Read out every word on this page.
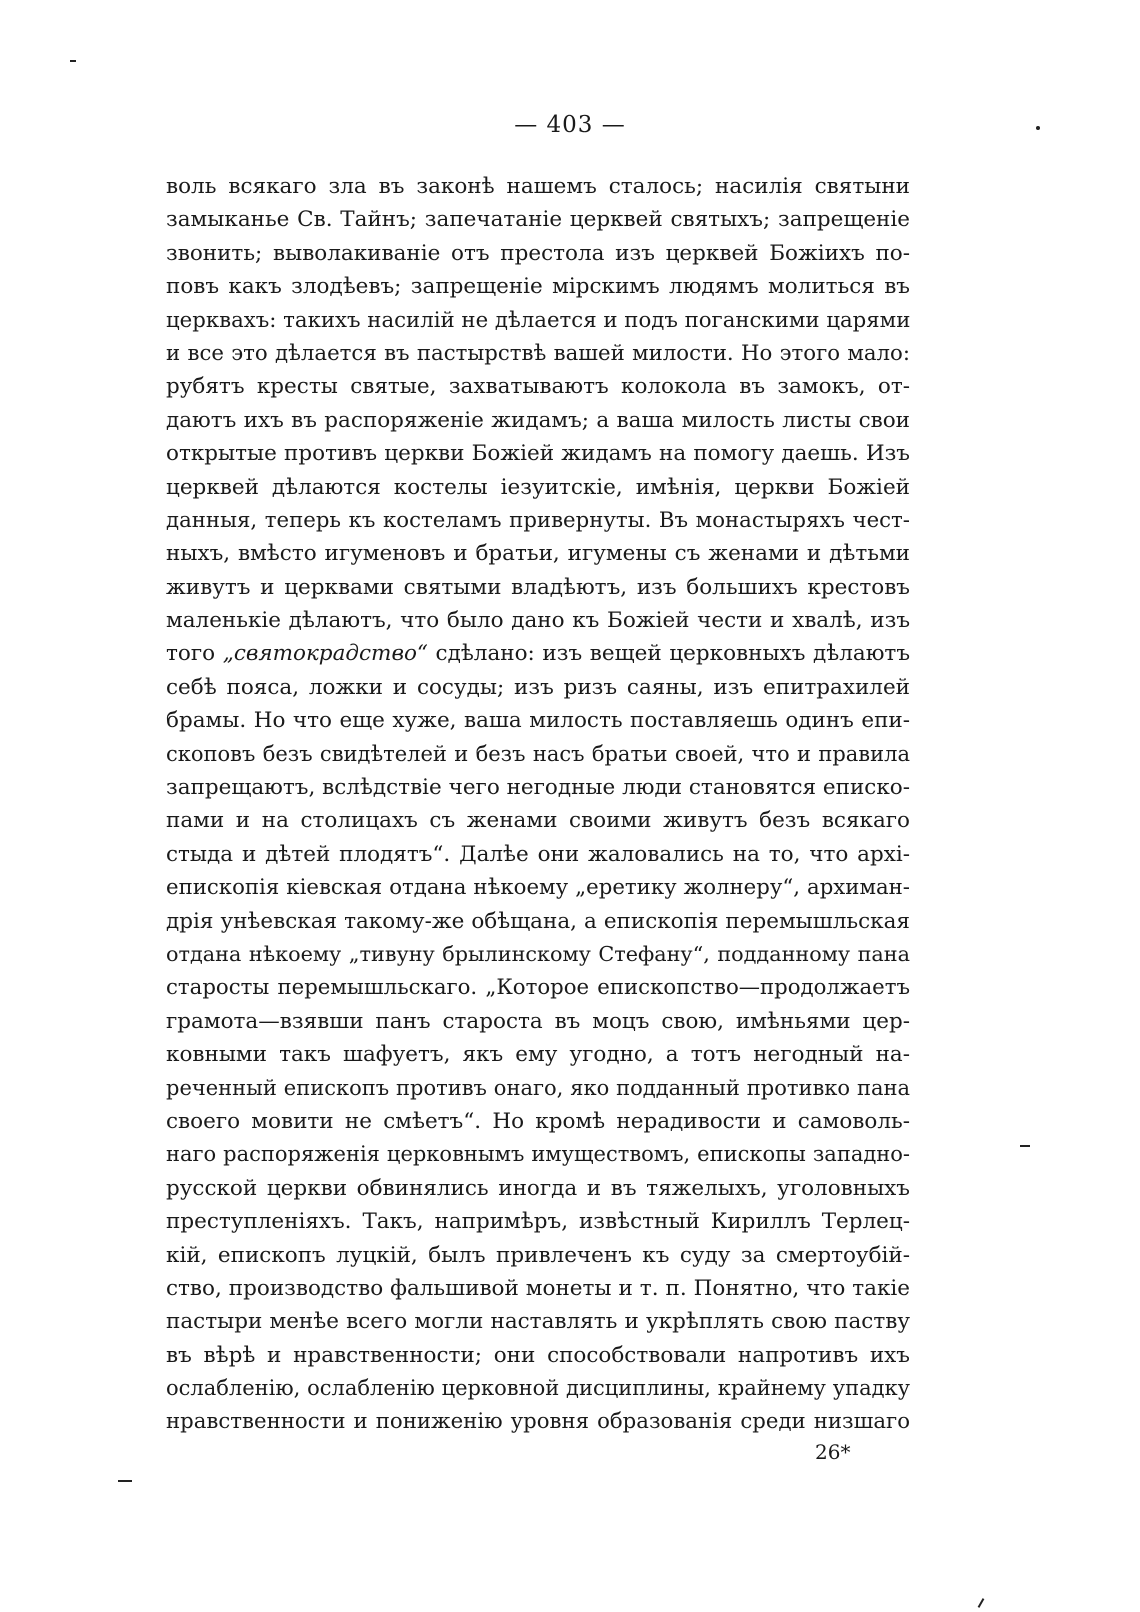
— 403 —
воль всякаго зла въ законѣ нашемъ сталось; насилія святыни
замыканье Св. Тайнъ; запечатаніе церквей святыхъ; запрещеніе
звонить; выволакиваніе отъ престола изъ церквей Божіихъ по-
повъ какъ злодѣевъ; запрещеніе мірскимъ людямъ молиться въ
церквахъ: такихъ насилій не дѣлается и подъ поганскими царями
и все это дѣлается въ пастырствѣ вашей милости. Но этого мало:
рубятъ кресты святые, захватываютъ колокола въ замокъ, от-
даютъ ихъ въ распоряженіе жидамъ; а ваша милость листы свои
открытые противъ церкви Божіей жидамъ на помогу даешь. Изъ
церквей дѣлаются костелы іезуитскіе, имѣнія, церкви Божіей
данныя, теперь къ костеламъ привернуты. Въ монастыряхъ чест-
ныхъ, вмѣсто игуменовъ и братьи, игумены съ женами и дѣтьми
живутъ и церквами святыми владѣютъ, изъ большихъ крестовъ
маленькіе дѣлаютъ, что было дано къ Божіей чести и хвалѣ, изъ
того „святокрадство“ сдѣлано: изъ вещей церковныхъ дѣлаютъ
себѣ пояса, ложки и сосуды; изъ ризъ саяны, изъ епитрахилей
брамы. Но что еще хуже, ваша милость поставляешь одинъ епи-
скоповъ безъ свидѣтелей и безъ насъ братьи своей, что и правила
запрещаютъ, вслѣдствіе чего негодные люди становятся еписко-
пами и на столицахъ съ женами своими живутъ безъ всякаго
стыда и дѣтей плодятъ“. Далѣе они жаловались на то, что архі-
епископія кіевская отдана нѣкоему „еретику жолнеру“, архиман-
дрія унѣевская такому-же обѣщана, а епископія перемышльская
отдана нѣкоему „тивуну брылинскому Стефану“, подданному пана
старосты перемышльскаго. „Которое епископство—продолжаетъ
грамота—взявши панъ староста въ моцъ свою, имѣньями цер-
ковными такъ шафуетъ, якъ ему угодно, а тотъ негодный на-
реченный епископъ противъ онаго, яко подданный противко пана
своего мовити не смѣетъ“. Но кромѣ нерадивости и самоволь-
наго распоряженія церковнымъ имуществомъ, епископы западно-
русской церкви обвинялись иногда и въ тяжелыхъ, уголовныхъ
преступленіяхъ. Такъ, напримѣръ, извѣстный Кириллъ Терлец-
кій, епископъ луцкій, былъ привлеченъ къ суду за смертоубій-
ство, производство фальшивой монеты и т. п. Понятно, что такіе
пастыри менѣе всего могли наставлять и укрѣплять свою паству
въ вѣрѣ и нравственности; они способствовали напротивъ ихъ
ослабленію, ослабленію церковной дисциплины, крайнему упадку
нравственности и пониженію уровня образованія среди низшаго
26*
